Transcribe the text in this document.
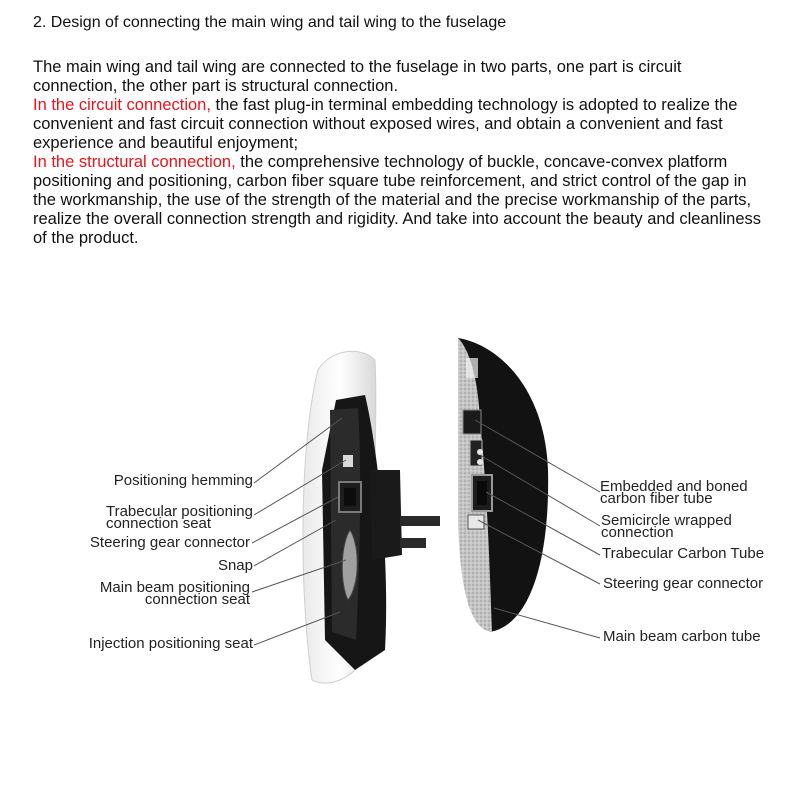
2. Design of connecting the main wing and tail wing to the fuselage

The main wing and tail wing are connected to the fuselage in two parts, one part is circuit connection, the other part is structural connection.
In the circuit connection, the fast plug-in terminal embedding technology is adopted to realize the convenient and fast circuit connection without exposed wires, and obtain a convenient and fast experience and beautiful enjoyment;
In the structural connection, the comprehensive technology of buckle, concave-convex platform positioning and positioning, carbon fiber square tube reinforcement, and strict control of the gap in the workmanship, the use of the strength of the material and the precise workmanship of the parts, realize the overall connection strength and rigidity. And take into account the beauty and cleanliness of the product.

Positioning hemming
Trabecular positioning
connection seat
Steering gear connector
Snap
Main beam positioning
connection seat
Injection positioning seat
Embedded and boned
carbon fiber tube
Semicircle wrapped
connection
Trabecular Carbon Tube
Steering gear connector
Main beam carbon tube
